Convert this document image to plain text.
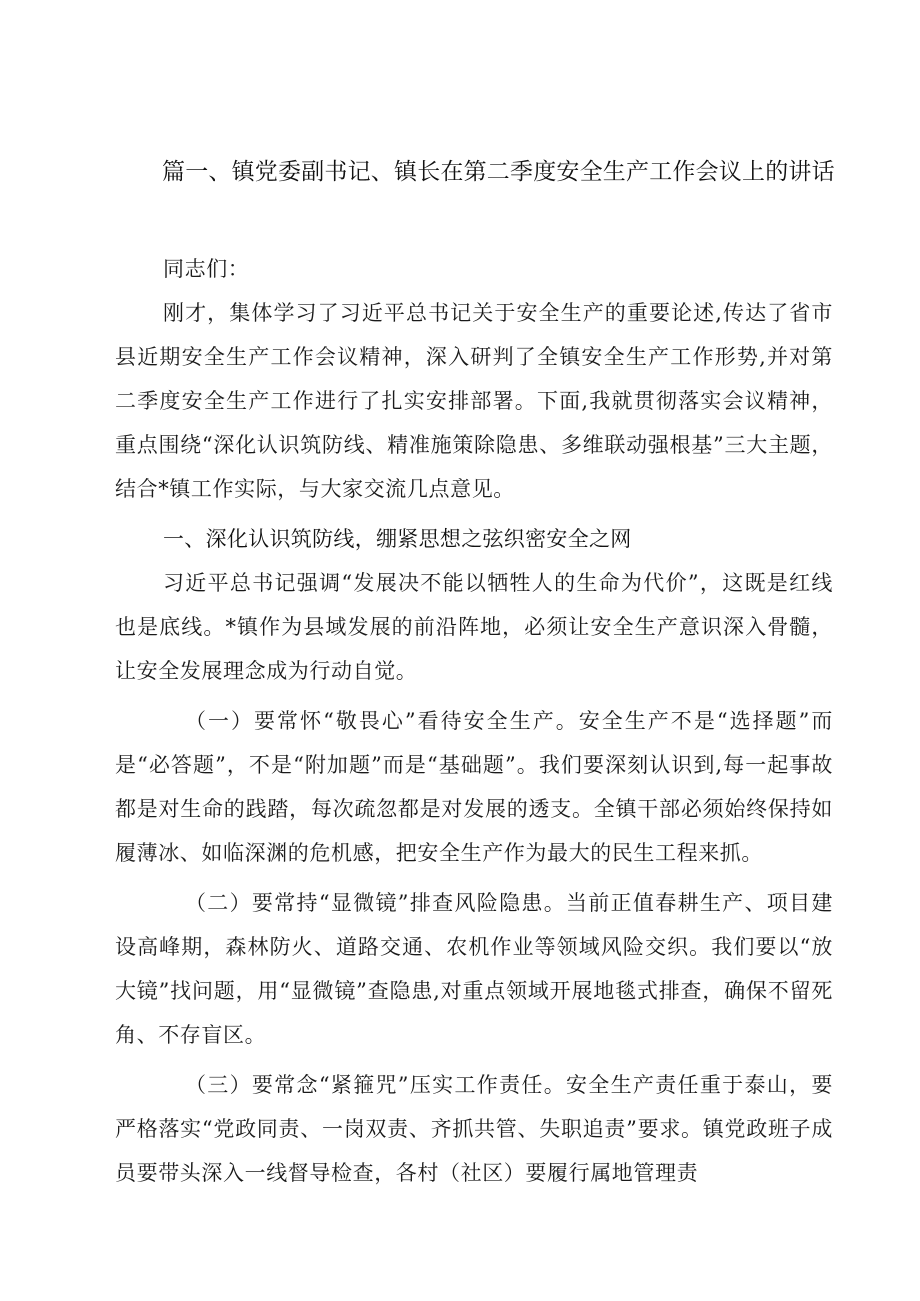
篇一、镇党委副书记、镇长在第二季度安全生产工作会议上的讲话

同志们：

刚才，集体学习了习近平总书记关于安全生产的重要论述,传达了省市县近期安全生产工作会议精神，深入研判了全镇安全生产工作形势,并对第二季度安全生产工作进行了扎实安排部署。下面,我就贯彻落实会议精神，重点围绕“深化认识筑防线、精准施策除隐患、多维联动强根基”三大主题，结合*镇工作实际，与大家交流几点意见。

一、深化认识筑防线，绷紧思想之弦织密安全之网

习近平总书记强调“发展决不能以牺牲人的生命为代价”，这既是红线也是底线。*镇作为县域发展的前沿阵地，必须让安全生产意识深入骨髓，让安全发展理念成为行动自觉。

（一）要常怀“敬畏心”看待安全生产。安全生产不是“选择题”而是“必答题”，不是“附加题”而是“基础题”。我们要深刻认识到,每一起事故都是对生命的践踏，每次疏忽都是对发展的透支。全镇干部必须始终保持如履薄冰、如临深渊的危机感，把安全生产作为最大的民生工程来抓。

（二）要常持“显微镜”排查风险隐患。当前正值春耕生产、项目建设高峰期，森林防火、道路交通、农机作业等领域风险交织。我们要以“放大镜”找问题，用“显微镜”查隐患,对重点领域开展地毯式排查，确保不留死角、不存盲区。

（三）要常念“紧箍咒”压实工作责任。安全生产责任重于泰山，要严格落实“党政同责、一岗双责、齐抓共管、失职追责”要求。镇党政班子成员要带头深入一线督导检查，各村（社区）要履行属地管理责
